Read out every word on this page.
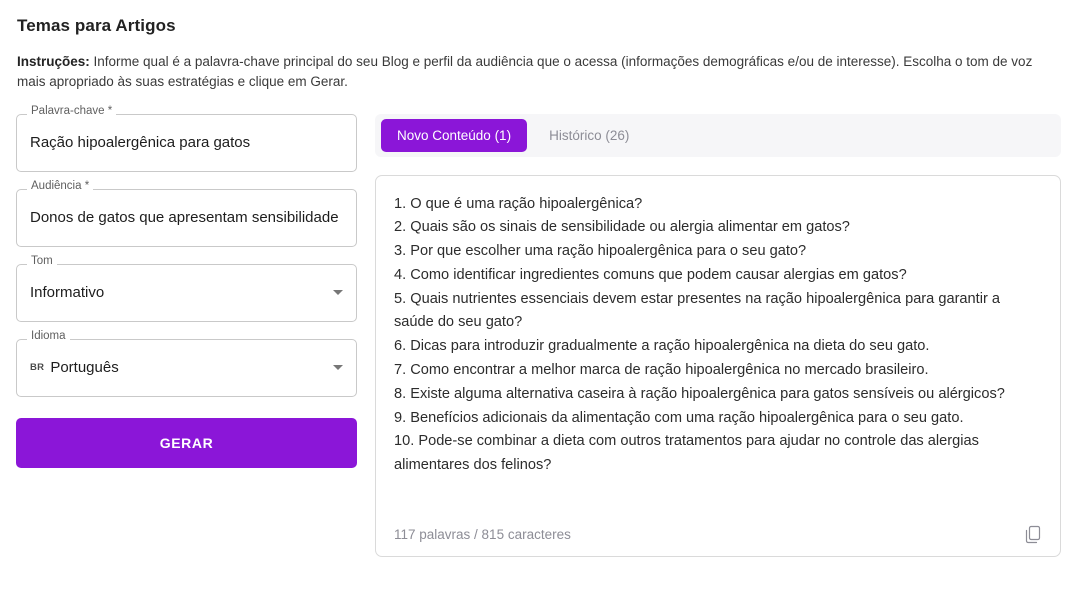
Temas para Artigos

Instruções: Informe qual é a palavra-chave principal do seu Blog e perfil da audiência que o acessa (informações demográficas e/ou de interesse). Escolha o tom de voz mais apropriado às suas estratégias e clique em Gerar.

Palavra-chave *
Ração hipoalergênica para gatos
Audiência *
Donos de gatos que apresentam sensibilidade
Tom
Informativo
Idioma
BR Português
GERAR
Novo Conteúdo (1)	Histórico (26)
1. O que é uma ração hipoalergênica?
2. Quais são os sinais de sensibilidade ou alergia alimentar em gatos?
3. Por que escolher uma ração hipoalergênica para o seu gato?
4. Como identificar ingredientes comuns que podem causar alergias em gatos?
5. Quais nutrientes essenciais devem estar presentes na ração hipoalergênica para garantir a saúde do seu gato?
6. Dicas para introduzir gradualmente a ração hipoalergênica na dieta do seu gato.
7. Como encontrar a melhor marca de ração hipoalergênica no mercado brasileiro.
8. Existe alguma alternativa caseira à ração hipoalergênica para gatos sensíveis ou alérgicos?
9. Benefícios adicionais da alimentação com uma ração hipoalergênica para o seu gato.
10. Pode-se combinar a dieta com outros tratamentos para ajudar no controle das alergias alimentares dos felinos?
117 palavras / 815 caracteres
